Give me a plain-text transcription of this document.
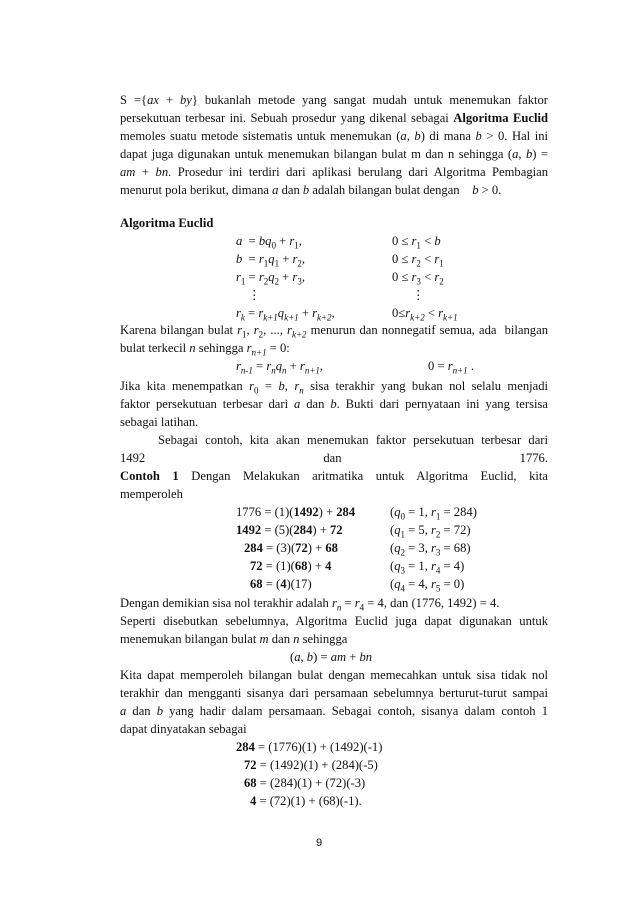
S ={ax + by} bukanlah metode yang sangat mudah untuk menemukan faktor
persekutuan terbesar ini. Sebuah prosedur yang dikenal sebagai Algoritma Euclid
memoles suatu metode sistematis untuk menemukan (a, b) di mana b > 0. Hal ini
dapat juga digunakan untuk menemukan bilangan bulat m dan n sehingga (a, b) =
am + bn. Prosedur ini terdiri dari aplikasi berulang dari Algoritma Pembagian
menurut pola berikut, dimana a dan b adalah bilangan bulat dengan    b > 0.
Algoritma Euclid
$a = bq_0 + r_1$,	$0 \le r_1 < b$
$b = r_1q_1 + r_2$,	$0 \le r_2 < r_1$
$r_1 = r_2q_2 + r_3$,	$0 \le r_3 < r_2$
⋮	⋮
$r_k = r_{k+1}q_{k+1} + r_{k+2}$,	$0\le r_{k+2} < r_{k+1}$
Karena bilangan bulat $r_1$, $r_2$, ..., $r_{k+2}$ menurun dan nonnegatif semua, ada  bilangan
bulat terkecil n sehingga $r_{n+1} = 0$:
$r_{n-1} = r_nq_n + r_{n+1}$,	$0 = r_{n+1}$ .
Jika kita menempatkan $r_0 = b$, $r_n$ sisa terakhir yang bukan nol selalu menjadi
faktor persekutuan terbesar dari a dan b. Bukti dari pernyataan ini yang tersisa
sebagai latihan.
Sebagai contoh, kita akan menemukan faktor persekutuan terbesar dari
1492 dan 1776.
Contoh 1 Dengan Melakukan aritmatika untuk Algoritma Euclid, kita
memperoleh
1776 = (1)(1492) + 284	($q_0 = 1$, $r_1 = 284$)
1492 = (5)(284) + 72	($q_1 = 5$, $r_2 = 72$)
284 = (3)(72) + 68	($q_2 = 3$, $r_3 = 68$)
72 = (1)(68) + 4	($q_3 = 1$, $r_4 = 4$)
68 = (4)(17)	($q_4 = 4$, $r_5 = 0$)
Dengan demikian sisa nol terakhir adalah $r_n = r_4 = 4$, dan (1776, 1492) = 4.
Seperti disebutkan sebelumnya, Algoritma Euclid juga dapat digunakan untuk
menemukan bilangan bulat m dan n sehingga
(a, b) = am + bn
Kita dapat memperoleh bilangan bulat dengan memecahkan untuk sisa tidak nol
terakhir dan mengganti sisanya dari persamaan sebelumnya berturut-turut sampai
a dan b yang hadir dalam persamaan. Sebagai contoh, sisanya dalam contoh 1
dapat dinyatakan sebagai
284 = (1776)(1) + (1492)(-1)
72 = (1492)(1) + (284)(-5)
68 = (284)(1) + (72)(-3)
4 = (72)(1) + (68)(-1).
9
